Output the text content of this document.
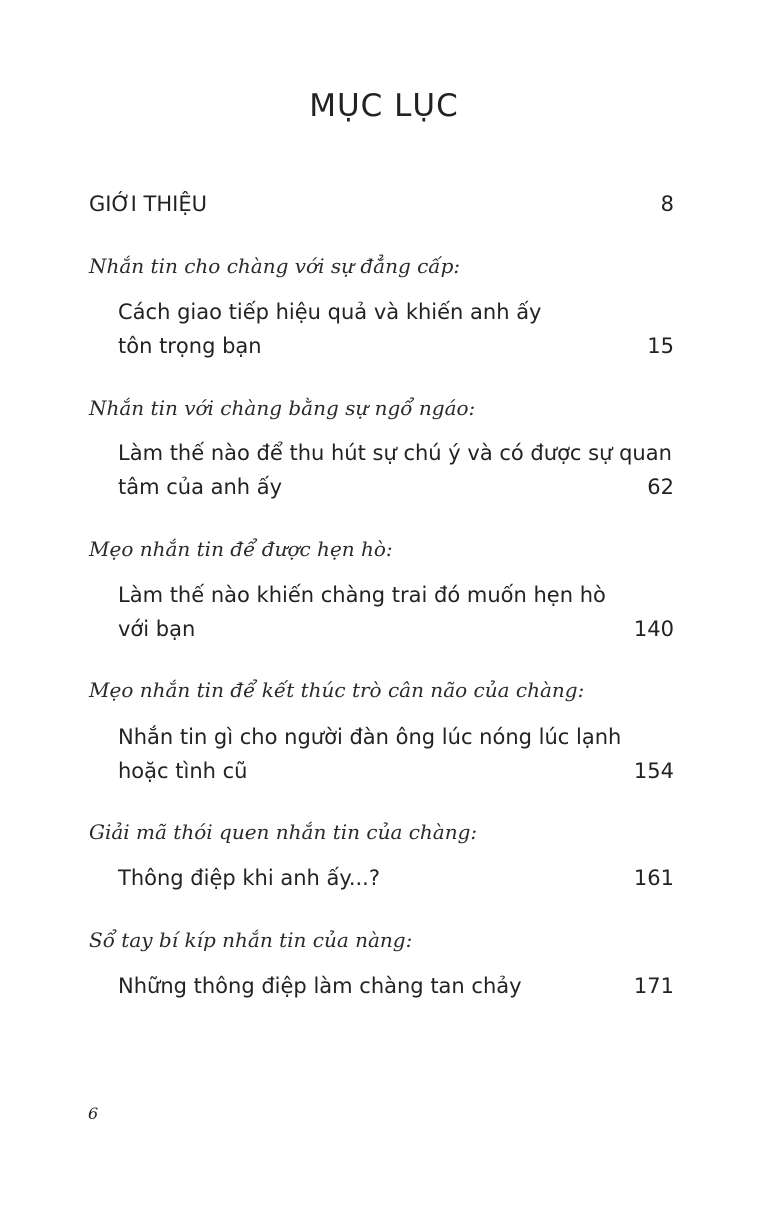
MỤC LỤC
GIỚI THIỆU	8
Nhắn tin cho chàng với sự đẳng cấp:
Cách giao tiếp hiệu quả và khiến anh ấy
tôn trọng bạn	15
Nhắn tin với chàng bằng sự ngổ ngáo:
Làm thế nào để thu hút sự chú ý và có được sự quan
tâm của anh ấy	62
Mẹo nhắn tin để được hẹn hò:
Làm thế nào khiến chàng trai đó muốn hẹn hò
với bạn	140
Mẹo nhắn tin để kết thúc trò cân não của chàng:
Nhắn tin gì cho người đàn ông lúc nóng lúc lạnh
hoặc tình cũ	154
Giải mã thói quen nhắn tin của chàng:
Thông điệp khi anh ấy...?	161
Sổ tay bí kíp nhắn tin của nàng:
Những thông điệp làm chàng tan chảy	171
6
